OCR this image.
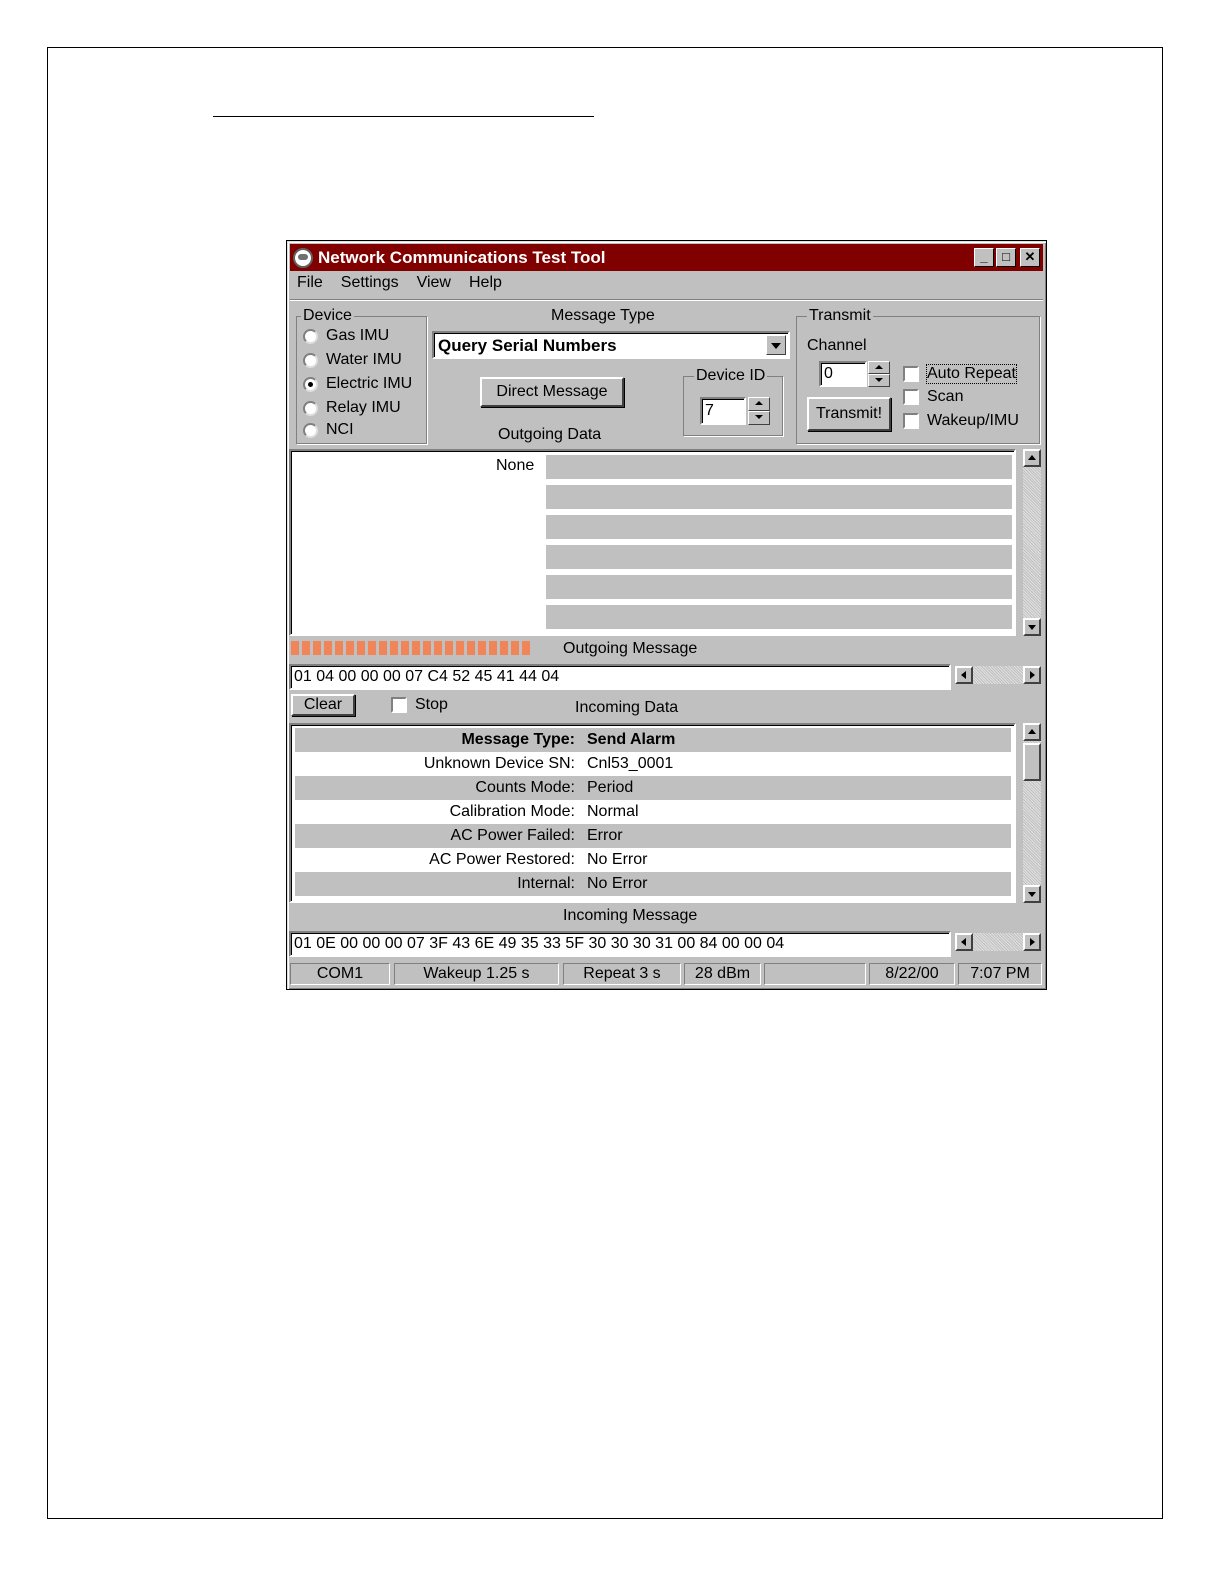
Network Communications Test Tool	_	□	✕
File Settings View Help
Device
Gas IMU
Water IMU
Electric IMU
Relay IMU
NCI
Message Type
Query Serial Numbers
Direct Message
Device ID
7
Outgoing Data
Transmit
Channel
0
Transmit!
Auto Repeat
Scan
Wakeup/IMU
None
Outgoing Message
01 04 00 00 00 07 C4 52 45 41 44 04
Clear	Stop	Incoming Data
Message Type: Send Alarm
Unknown Device SN: Cnl53_0001
Counts Mode: Period
Calibration Mode: Normal
AC Power Failed: Error
AC Power Restored: No Error
Internal: No Error
Incoming Message
01 0E 00 00 00 07 3F 43 6E 49 35 33 5F 30 30 30 31 00 84 00 00 04
COM1	Wakeup 1.25 s	Repeat 3 s	28 dBm	8/22/00	7:07 PM
